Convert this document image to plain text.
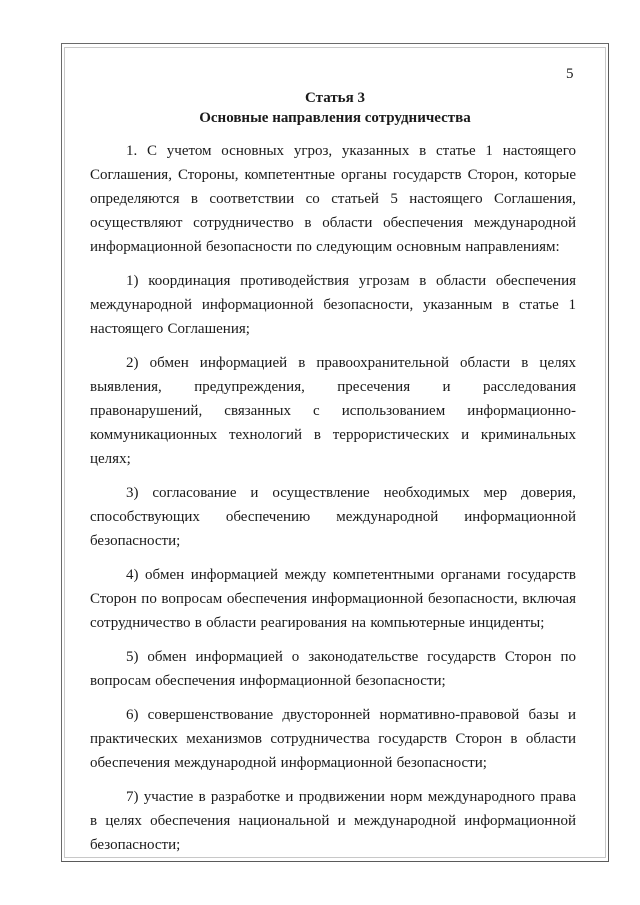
5
Статья 3
Основные направления сотрудничества

1. С учетом основных угроз, указанных в статье 1 настоящего Соглашения, Стороны, компетентные органы государств Сторон, которые определяются в соответствии со статьей 5 настоящего Соглашения, осуществляют сотрудничество в области обеспечения международной информационной безопасности по следующим основным направлениям:

1) координация противодействия угрозам в области обеспечения международной информационной безопасности, указанным в статье 1 настоящего Соглашения;

2) обмен информацией в правоохранительной области в целях выявления, предупреждения, пресечения и расследования правонарушений, связанных с использованием информационно-коммуникационных технологий в террористических и криминальных целях;

3) согласование и осуществление необходимых мер доверия, способствующих обеспечению международной информационной безопасности;

4) обмен информацией между компетентными органами государств Сторон по вопросам обеспечения информационной безопасности, включая сотрудничество в области реагирования на компьютерные инциденты;

5) обмен информацией о законодательстве государств Сторон по вопросам обеспечения информационной безопасности;

6) совершенствование двусторонней нормативно-правовой базы и практических механизмов сотрудничества государств Сторон в области обеспечения международной информационной безопасности;

7) участие в разработке и продвижении норм международного права в целях обеспечения национальной и международной информационной безопасности;
